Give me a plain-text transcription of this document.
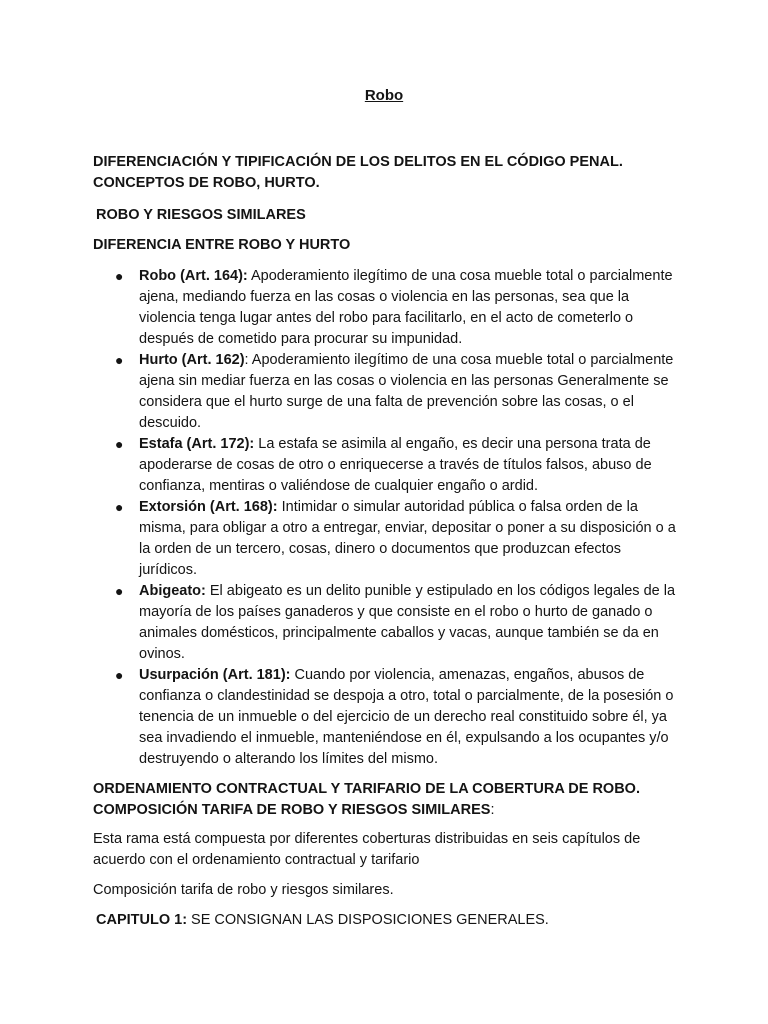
Robo

DIFERENCIACIÓN Y TIPIFICACIÓN DE LOS DELITOS EN EL CÓDIGO PENAL.
CONCEPTOS DE ROBO, HURTO.

ROBO Y RIESGOS SIMILARES

DIFERENCIA ENTRE ROBO Y HURTO

● Robo (Art. 164): Apoderamiento ilegítimo de una cosa mueble total o parcialmente ajena, mediando fuerza en las cosas o violencia en las personas, sea que la violencia tenga lugar antes del robo para facilitarlo, en el acto de cometerlo o después de cometido para procurar su impunidad.
● Hurto (Art. 162): Apoderamiento ilegítimo de una cosa mueble total o parcialmente ajena sin mediar fuerza en las cosas o violencia en las personas Generalmente se considera que el hurto surge de una falta de prevención sobre las cosas, o el descuido.
● Estafa (Art. 172): La estafa se asimila al engaño, es decir una persona trata de apoderarse de cosas de otro o enriquecerse a través de títulos falsos, abuso de confianza, mentiras o valiéndose de cualquier engaño o ardid.
● Extorsión (Art. 168): Intimidar o simular autoridad pública o falsa orden de la misma, para obligar a otro a entregar, enviar, depositar o poner a su disposición o a la orden de un tercero, cosas, dinero o documentos que produzcan efectos jurídicos.
● Abigeato: El abigeato es un delito punible y estipulado en los códigos legales de la mayoría de los países ganaderos y que consiste en el robo o hurto de ganado o animales domésticos, principalmente caballos y vacas, aunque también se da en ovinos.
● Usurpación (Art. 181): Cuando por violencia, amenazas, engaños, abusos de confianza o clandestinidad se despoja a otro, total o parcialmente, de la posesión o tenencia de un inmueble o del ejercicio de un derecho real constituido sobre él, ya sea invadiendo el inmueble, manteniéndose en él, expulsando a los ocupantes y/o destruyendo o alterando los límites del mismo.

ORDENAMIENTO CONTRACTUAL Y TARIFARIO DE LA COBERTURA DE ROBO.
COMPOSICIÓN TARIFA DE ROBO Y RIESGOS SIMILARES:

Esta rama está compuesta por diferentes coberturas distribuidas en seis capítulos de acuerdo con el ordenamiento contractual y tarifario

Composición tarifa de robo y riesgos similares.

CAPITULO 1: SE CONSIGNAN LAS DISPOSICIONES GENERALES.
